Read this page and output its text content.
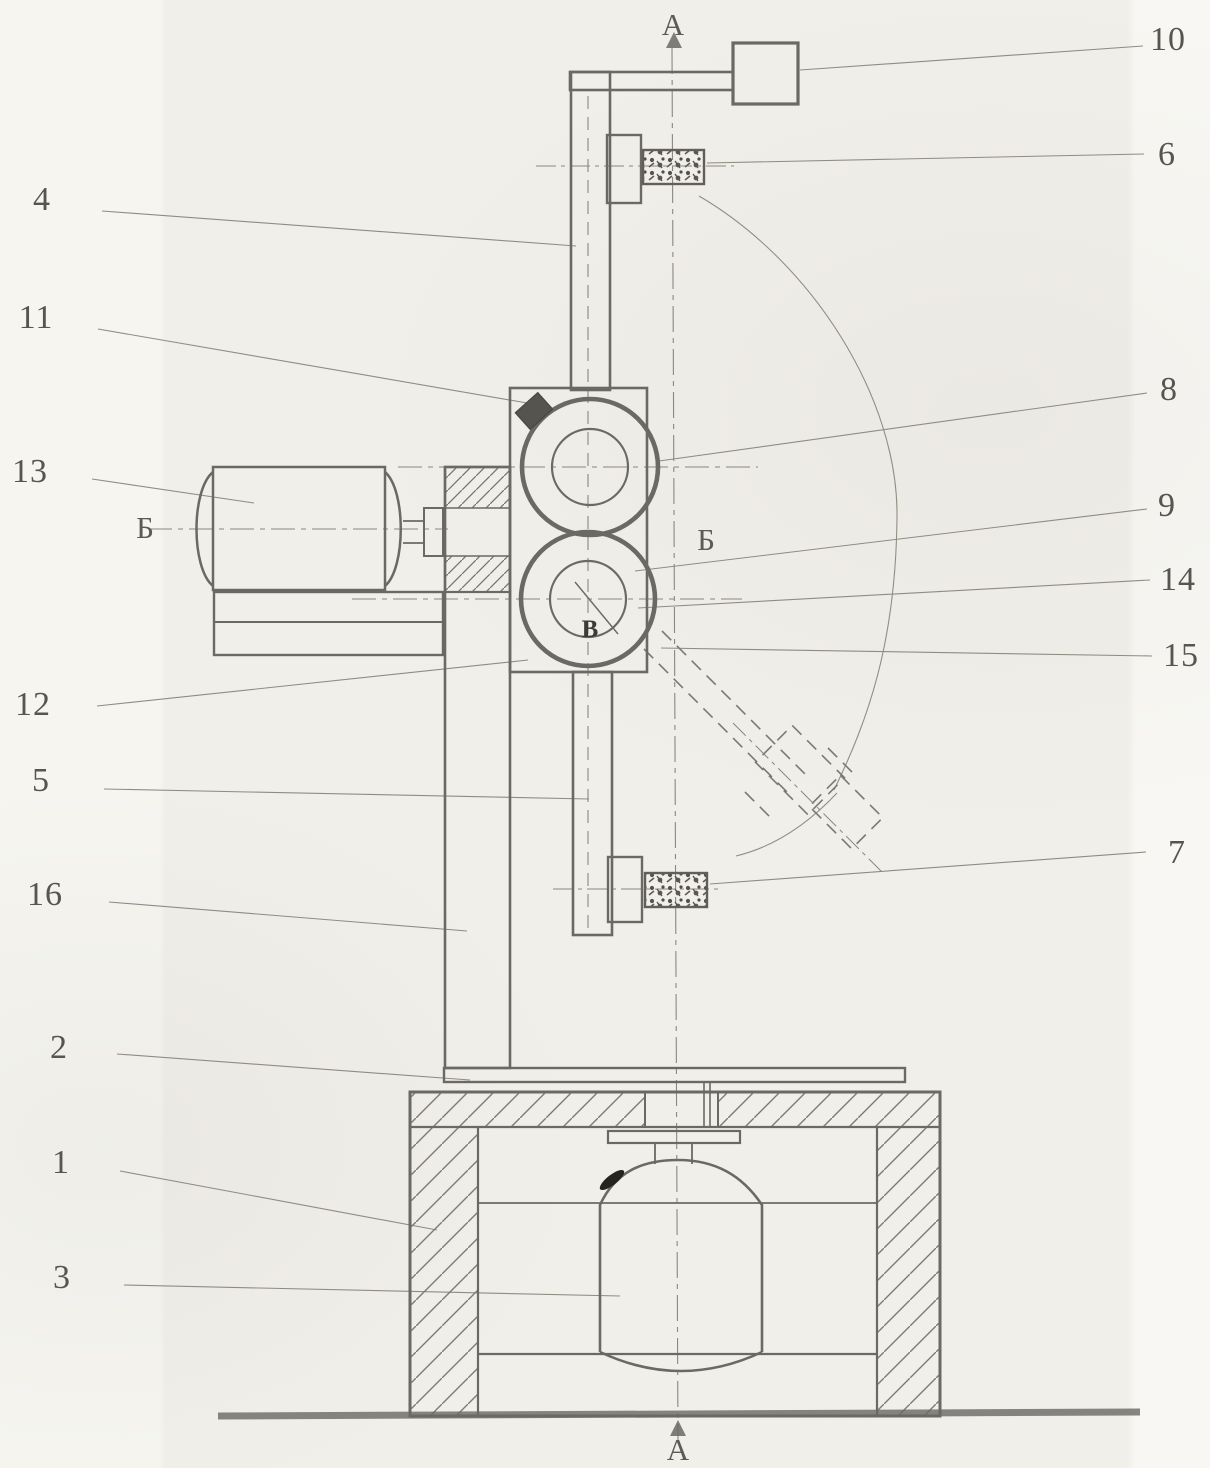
10
6
8
9
14
15
7
4
11
13
12
5
16
2
1
3
А
А
Б	Б
В
